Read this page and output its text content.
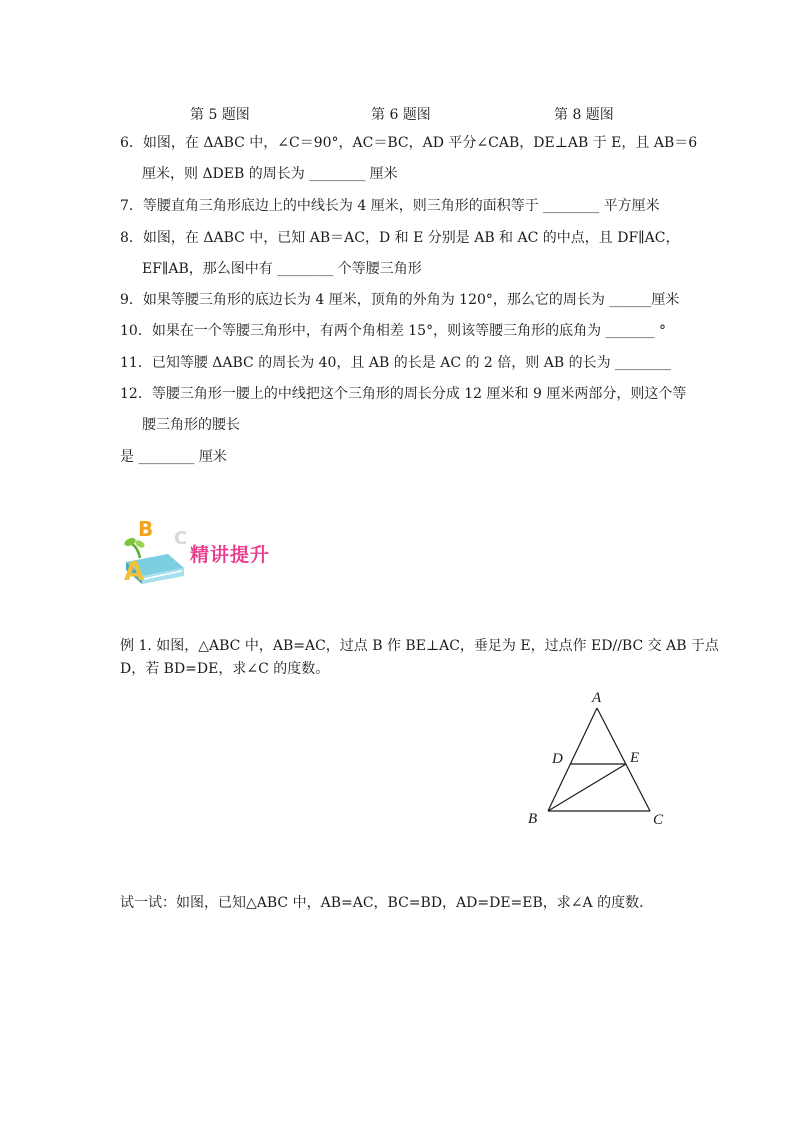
第 5 题图	第 6 题图	第 8 题图
6．如图，在 ΔABC 中，∠C＝90°，AC＝BC，AD 平分∠CAB，DE⊥AB 于 E，且 AB＝6
厘米，则 ΔDEB 的周长为 ________ 厘米
7．等腰直角三角形底边上的中线长为 4 厘米，则三角形的面积等于 ________ 平方厘米
8．如图，在 ΔABC 中，已知 AB＝AC，D 和 E 分别是 AB 和 AC 的中点，且 DF∥AC，
EF∥AB，那么图中有 ________ 个等腰三角形
9．如果等腰三角形的底边长为 4 厘米，顶角的外角为 120°，那么它的周长为 ______厘米
10．如果在一个等腰三角形中，有两个角相差 15°，则该等腰三角形的底角为 _______ °
11．已知等腰 ΔABC 的周长为 40，且 AB 的长是 AC 的 2 倍，则 AB 的长为 ________
12．等腰三角形一腰上的中线把这个三角形的周长分成 12 厘米和 9 厘米两部分，则这个等
腰三角形的腰长
是 ________ 厘米
B
A
C
精讲提升
例 1. 如图，△ABC 中，AB=AC，过点 B 作 BE⊥AC，垂足为 E，过点作 ED//BC 交 AB 于点
D，若 BD=DE，求∠C 的度数。
A
D	E
B	C
试一试：如图，已知△ABC 中，AB=AC，BC=BD，AD=DE=EB，求∠A 的度数．
